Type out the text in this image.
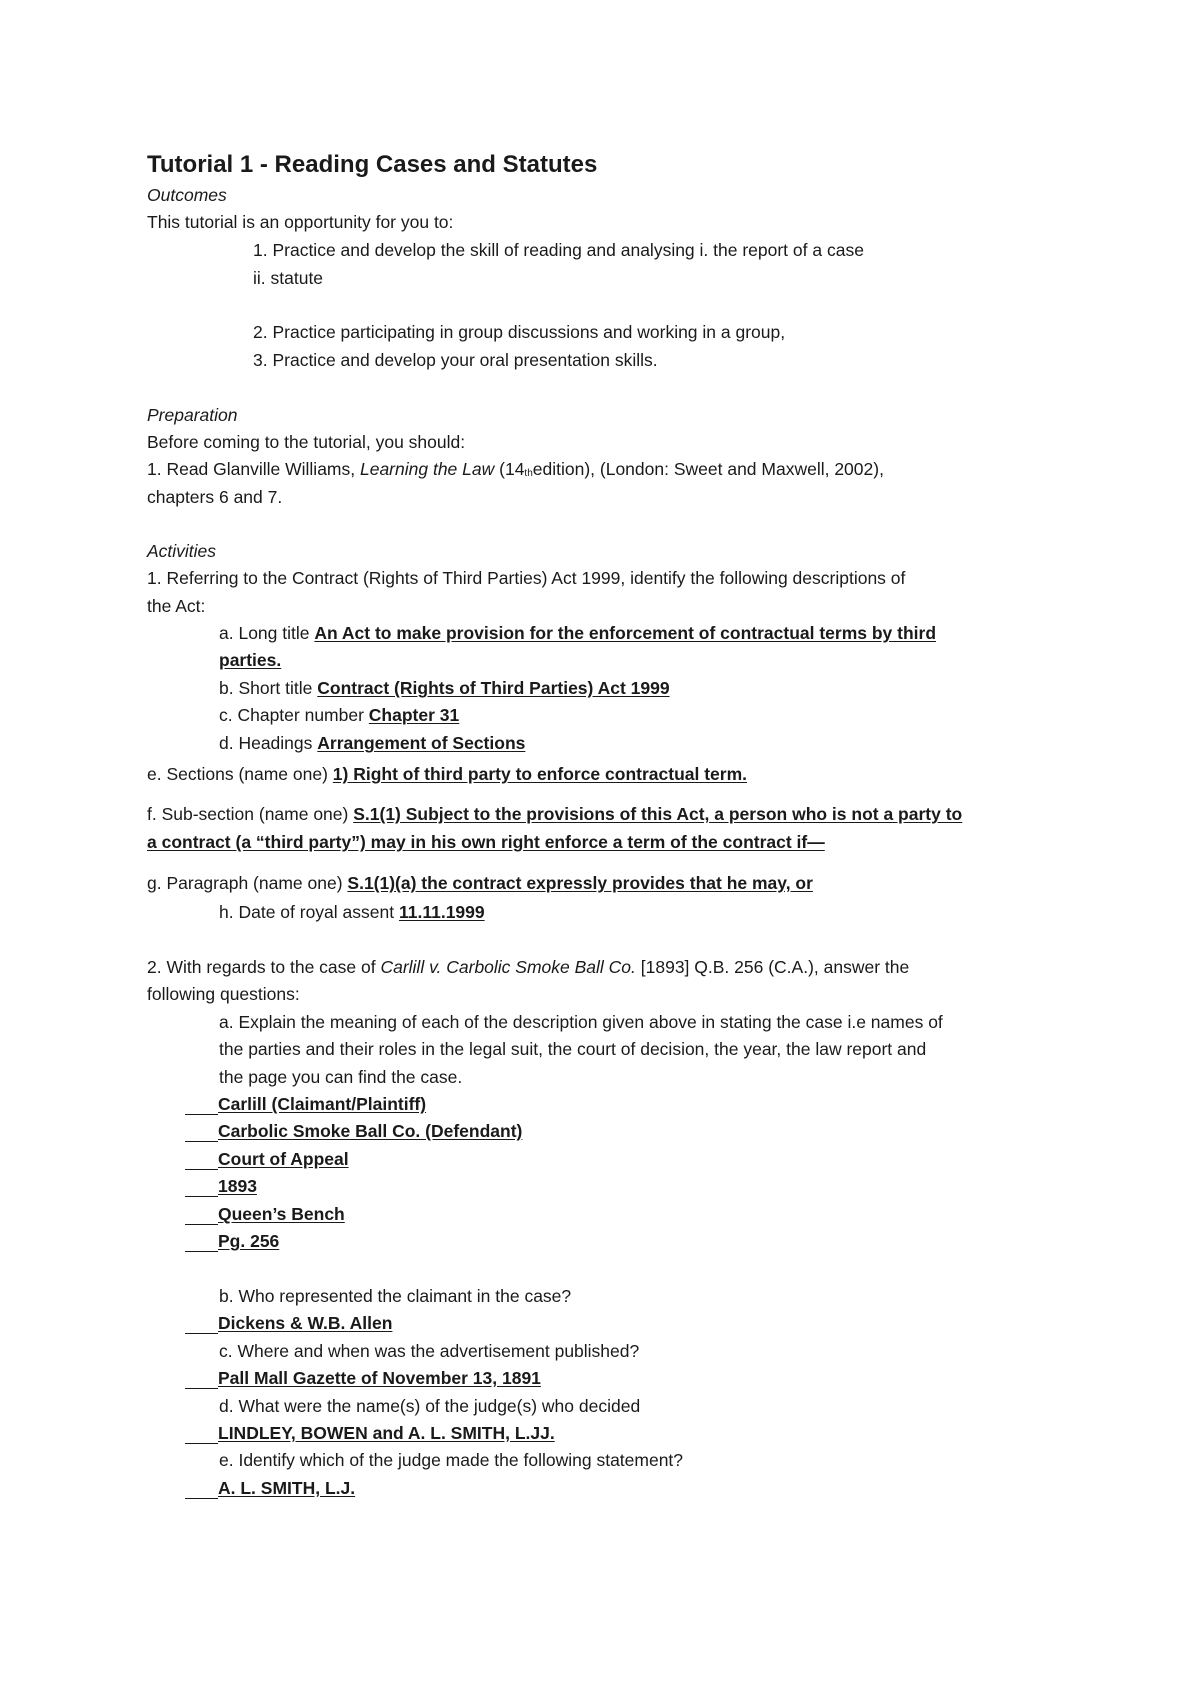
Tutorial 1 - Reading Cases and Statutes
Outcomes
This tutorial is an opportunity for you to:
1. Practice and develop the skill of reading and analysing i. the report of a case
ii. statute
2. Practice participating in group discussions and working in a group,
3. Practice and develop your oral presentation skills.
Preparation
Before coming to the tutorial, you should:
1. Read Glanville Williams, Learning the Law $(14_{th}edition)$, (London: Sweet and Maxwell, 2002),
chapters 6 and 7.
Activities
1. Referring to the Contract (Rights of Third Parties) Act 1999, identify the following descriptions of
the Act:
a. Long title An Act to make provision for the enforcement of contractual terms by third
parties.
b. Short title Contract (Rights of Third Parties) Act 1999
c. Chapter number Chapter 31
d. Headings Arrangement of Sections
e. Sections (name one) 1) Right of third party to enforce contractual term.
f. Sub-section (name one) S.1(1) Subject to the provisions of this Act, a person who is not a party to
a contract (a “third party”) may in his own right enforce a term of the contract if—
g. Paragraph (name one) S.1(1)(a) the contract expressly provides that he may, or
h. Date of royal assent 11.11.1999
2. With regards to the case of Carlill v. Carbolic Smoke Ball Co. [1893] Q.B. 256 (C.A.), answer the
following questions:
a. Explain the meaning of each of the description given above in stating the case i.e names of
the parties and their roles in the legal suit, the court of decision, the year, the law report and
the page you can find the case.
Carlill (Claimant/Plaintiff)
Carbolic Smoke Ball Co. (Defendant)
Court of Appeal
1893
Queen’s Bench
Pg. 256
b. Who represented the claimant in the case?
Dickens & W.B. Allen
c. Where and when was the advertisement published?
Pall Mall Gazette of November 13, 1891
d. What were the name(s) of the judge(s) who decided
LINDLEY, BOWEN and A. L. SMITH, L.JJ.
e. Identify which of the judge made the following statement?
A. L. SMITH, L.J.
